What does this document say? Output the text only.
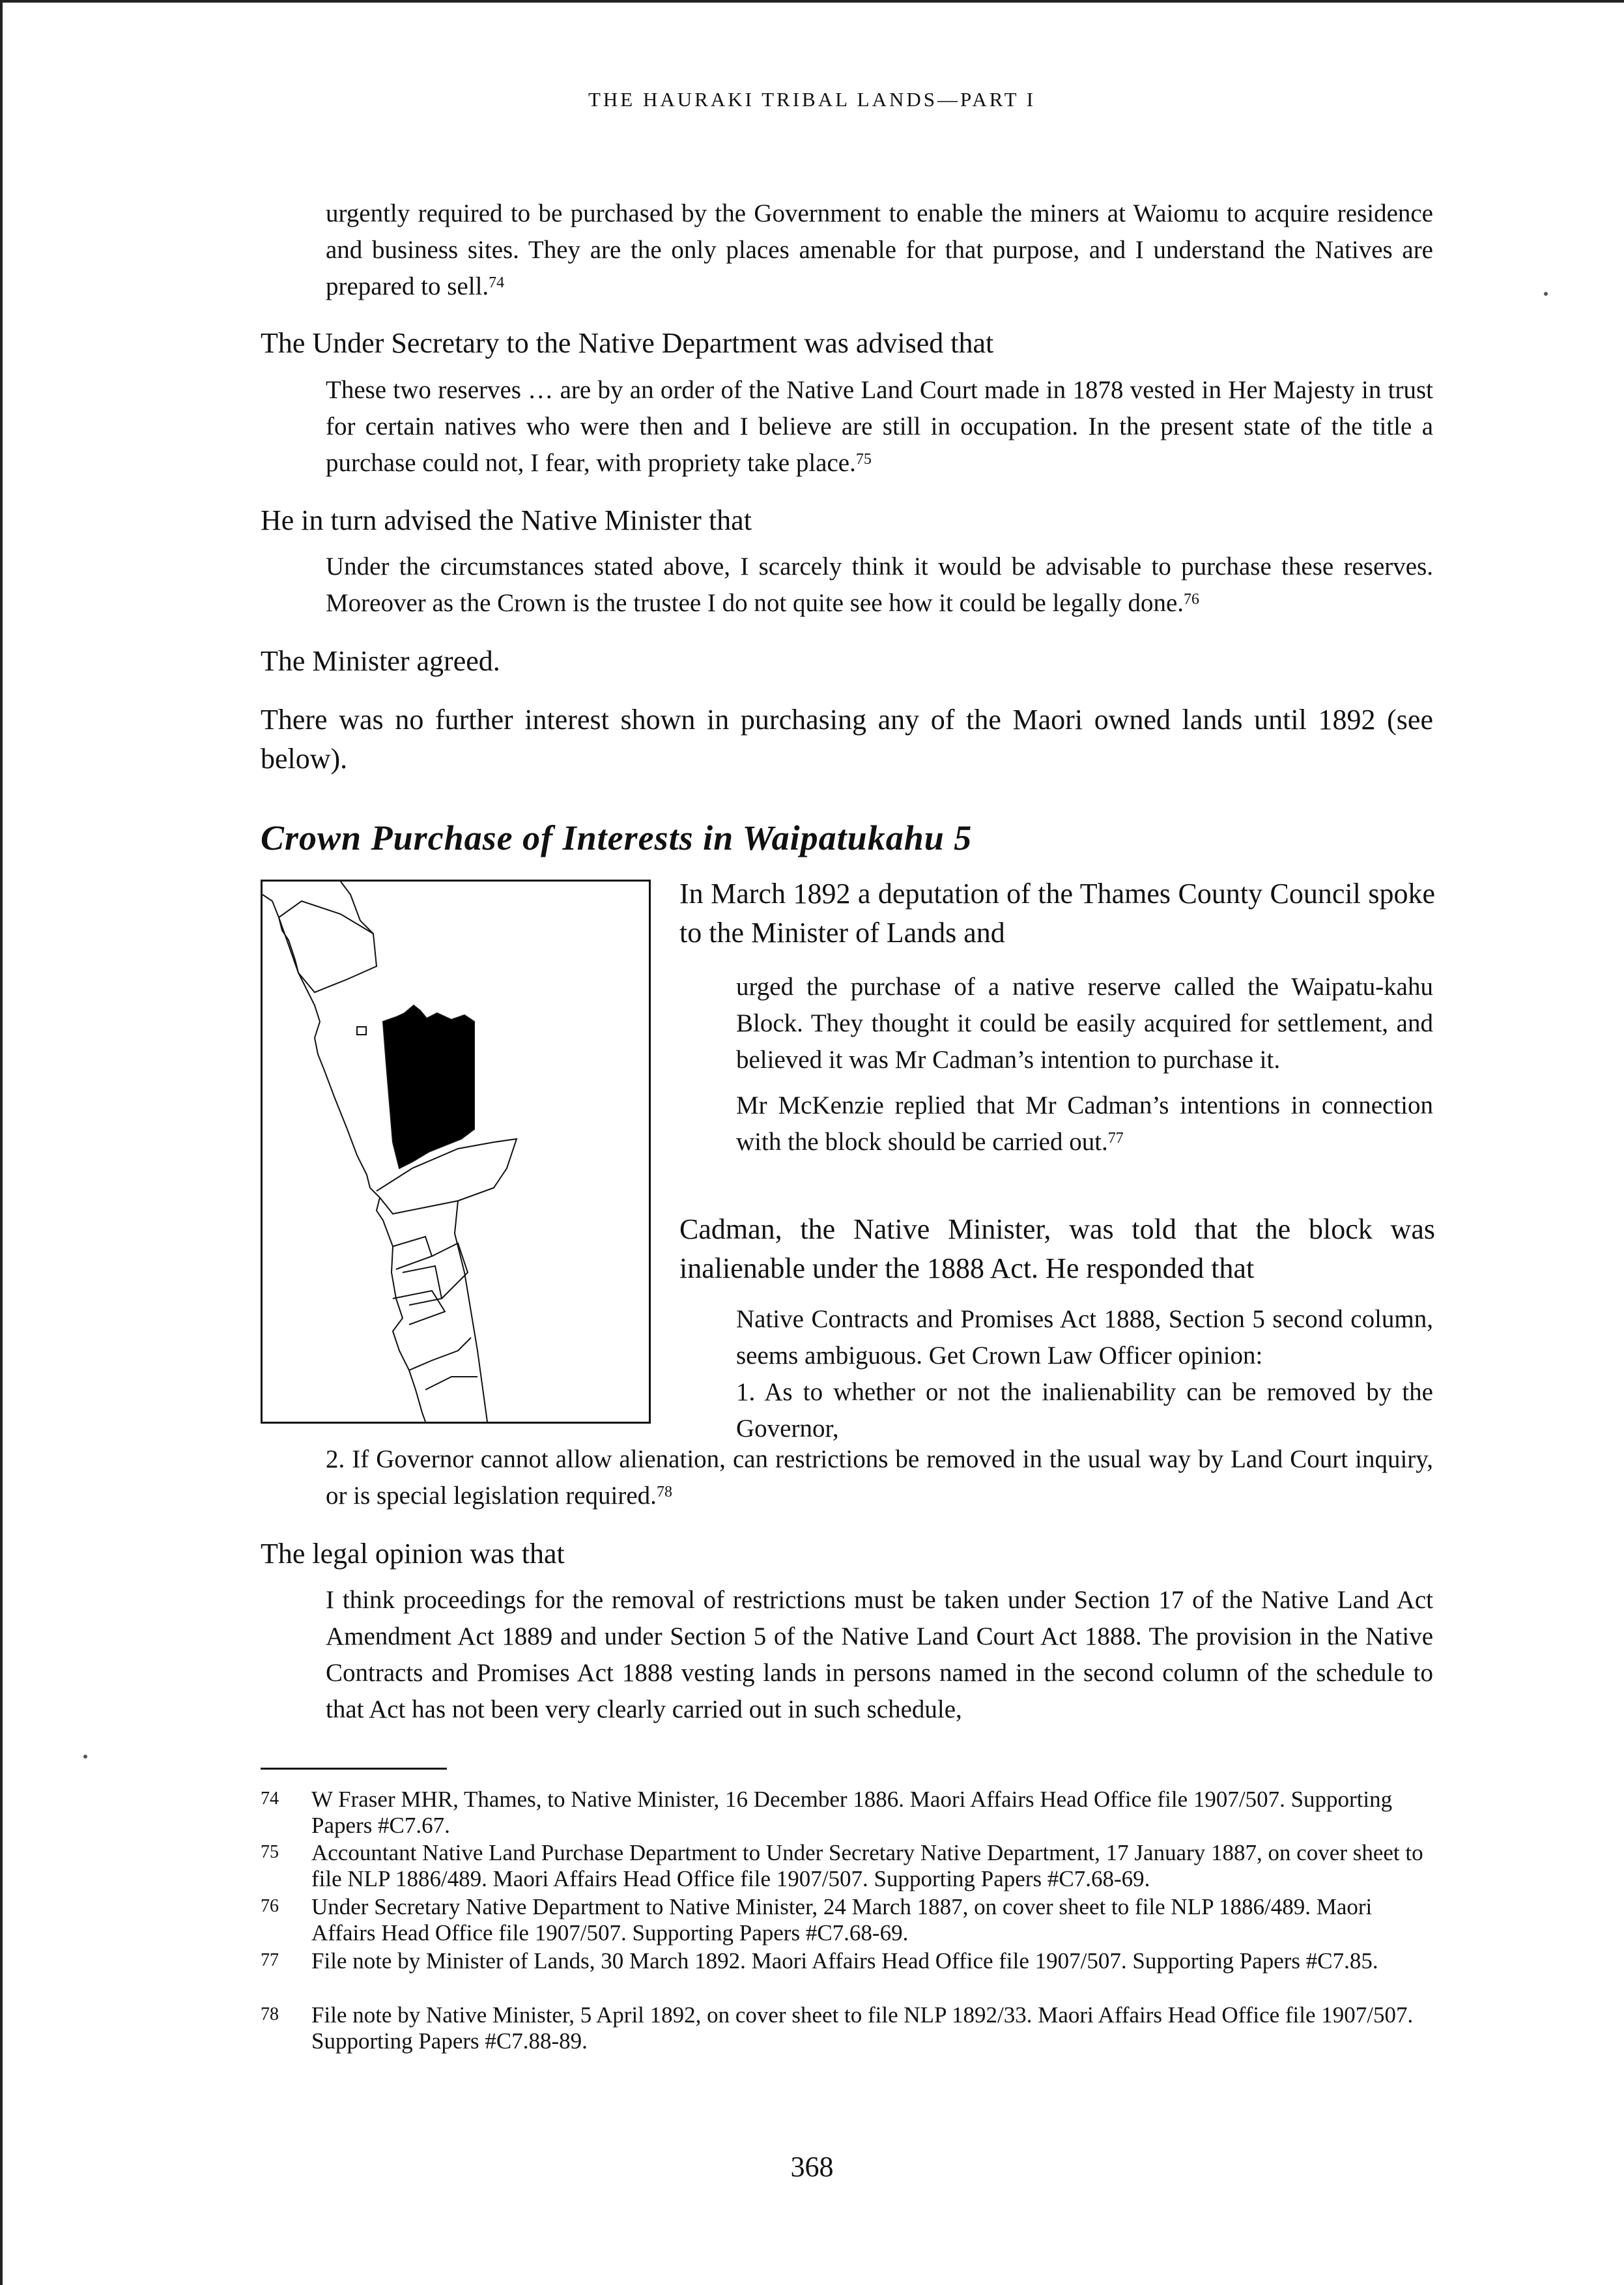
THE HAURAKI TRIBAL LANDS—PART I
urgently required to be purchased by the Government to enable the miners at Waiomu to acquire residence and business sites. They are the only places amenable for that purpose, and I understand the Natives are prepared to sell.$^{74}$

The Under Secretary to the Native Department was advised that

These two reserves … are by an order of the Native Land Court made in 1878 vested in Her Majesty in trust for certain natives who were then and I believe are still in occupation. In the present state of the title a purchase could not, I fear, with propriety take place.$^{75}$

He in turn advised the Native Minister that

Under the circumstances stated above, I scarcely think it would be advisable to purchase these reserves. Moreover as the Crown is the trustee I do not quite see how it could be legally done.$^{76}$

The Minister agreed.

There was no further interest shown in purchasing any of the Maori owned lands until 1892 (see below).

Crown Purchase of Interests in Waipatukahu 5

In March 1892 a deputation of the Thames County Council spoke to the Minister of Lands and

urged the purchase of a native reserve called the Waipatu-kahu Block. They thought it could be easily acquired for settlement, and believed it was Mr Cadman’s intention to purchase it.

Mr McKenzie replied that Mr Cadman’s intentions in connection with the block should be carried out.$^{77}$

Cadman, the Native Minister, was told that the block was inalienable under the 1888 Act. He responded that

Native Contracts and Promises Act 1888, Section 5 second column, seems ambiguous. Get Crown Law Officer opinion:

1. As to whether or not the inalienability can be removed by the Governor,

2. If Governor cannot allow alienation, can restrictions be removed in the usual way by Land Court inquiry, or is special legislation required.$^{78}$

The legal opinion was that

I think proceedings for the removal of restrictions must be taken under Section 17 of the Native Land Act Amendment Act 1889 and under Section 5 of the Native Land Court Act 1888. The provision in the Native Contracts and Promises Act 1888 vesting lands in persons named in the second column of the schedule to that Act has not been very clearly carried out in such schedule,
74 W Fraser MHR, Thames, to Native Minister, 16 December 1886. Maori Affairs Head Office file 1907/507. Supporting Papers #C7.67.
75 Accountant Native Land Purchase Department to Under Secretary Native Department, 17 January 1887, on cover sheet to file NLP 1886/489. Maori Affairs Head Office file 1907/507. Supporting Papers #C7.68-69.
76 Under Secretary Native Department to Native Minister, 24 March 1887, on cover sheet to file NLP 1886/489. Maori Affairs Head Office file 1907/507. Supporting Papers #C7.68-69.
77 File note by Minister of Lands, 30 March 1892. Maori Affairs Head Office file 1907/507. Supporting Papers #C7.85.
78 File note by Native Minister, 5 April 1892, on cover sheet to file NLP 1892/33. Maori Affairs Head Office file 1907/507. Supporting Papers #C7.88-89.
368
